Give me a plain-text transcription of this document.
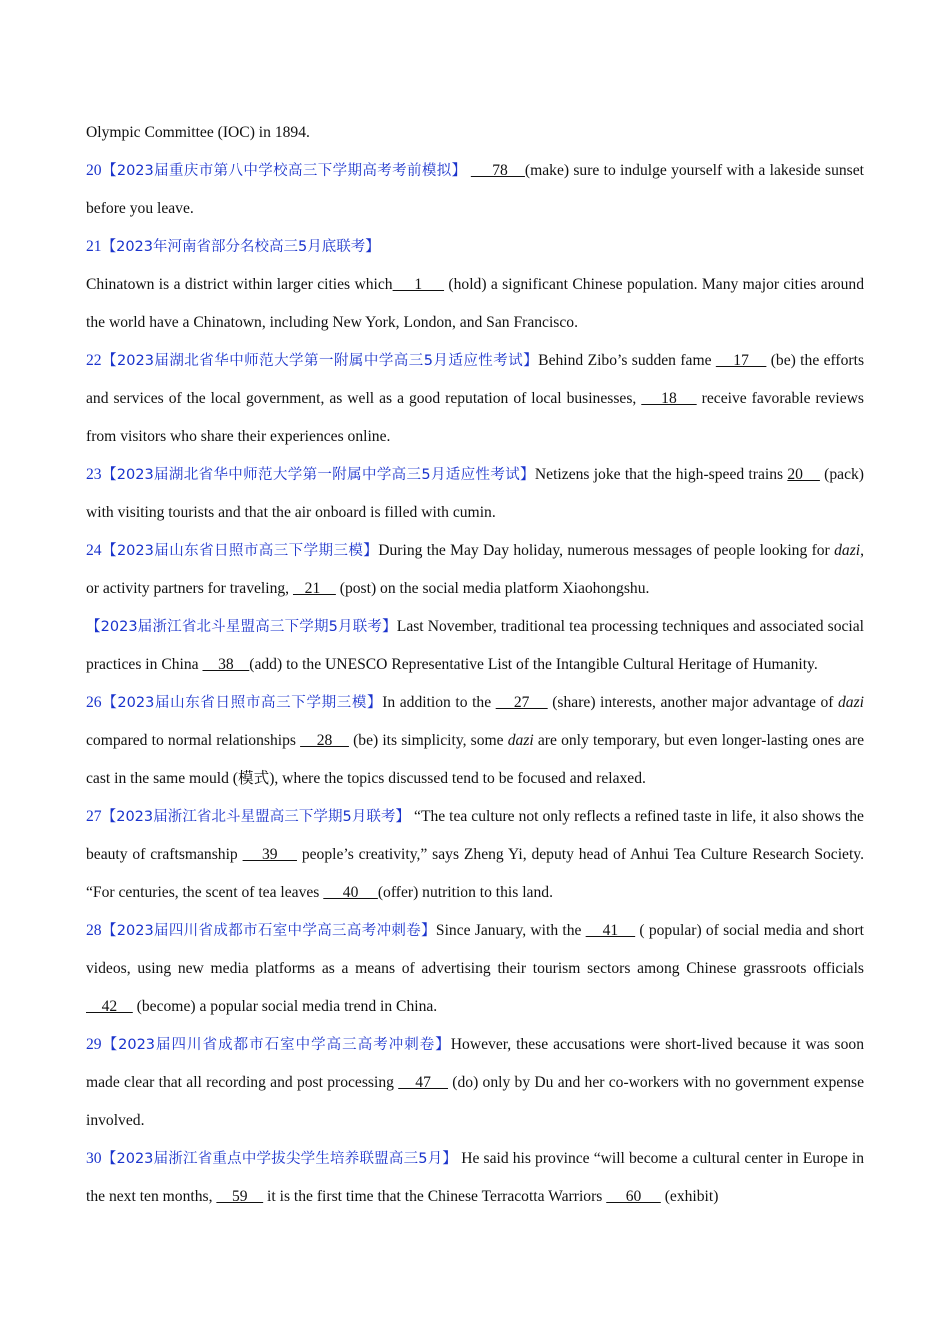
Olympic Committee (IOC) in 1894.

20【2023届重庆市第八中学校高三下学期高考考前模拟】      78    (make) sure to indulge yourself with a lakeside sunset before you leave.

21【2023年河南省部分名校高三5月底联考】

Chinatown is a district within larger cities which     1      (hold) a significant Chinese population. Many major cities around the world have a Chinatown, including New York, London, and San Francisco.

22【2023届湖北省华中师范大学第一附属中学高三5月适应性考试】Behind Zibo’s sudden fame     17     (be) the efforts and services of the local government, as well as a good reputation of local businesses,     18     receive favorable reviews from visitors who share their experiences online.

23【2023届湖北省华中师范大学第一附属中学高三5月适应性考试】Netizens joke that the high-speed trains 20     (pack) with visiting tourists and that the air onboard is filled with cumin.

24【2023届山东省日照市高三下学期三模】During the May Day holiday, numerous messages of people looking for dazi, or activity partners for traveling,    21     (post) on the social media platform Xiaohongshu.

【2023届浙江省北斗星盟高三下学期5月联考】Last November, traditional tea processing techniques and associated social practices in China     38    (add) to the UNESCO Representative List of the Intangible Cultural Heritage of Humanity.

26【2023届山东省日照市高三下学期三模】In addition to the     27     (share) interests, another major advantage of dazi compared to normal relationships     28     (be) its simplicity, some dazi are only temporary, but even longer-lasting ones are cast in the same mould (模式), where the topics discussed tend to be focused and relaxed.

27【2023届浙江省北斗星盟高三下学期5月联考】 “The tea culture not only reflects a refined taste in life, it also shows the beauty of craftsmanship     39     people’s creativity,” says Zheng Yi, deputy head of Anhui Tea Culture Research Society. “For centuries, the scent of tea leaves      40     (offer) nutrition to this land.

28【2023届四川省成都市石室中学高三高考冲刺卷】Since January, with the     41     ( popular) of social media and short videos, using new media platforms as a means of advertising their tourism sectors among Chinese grassroots officials     42     (become) a popular social media trend in China.

29【2023届四川省成都市石室中学高三高考冲刺卷】However, these accusations were short-lived because it was soon made clear that all recording and post processing     47     (do) only by Du and her co-workers with no government expense involved.

30【2023届浙江省重点中学拔尖学生培养联盟高三5月】 He said his province “will become a cultural center in Europe in the next ten months,     59     it is the first time that the Chinese Terracotta Warriors      60      (exhibit)
